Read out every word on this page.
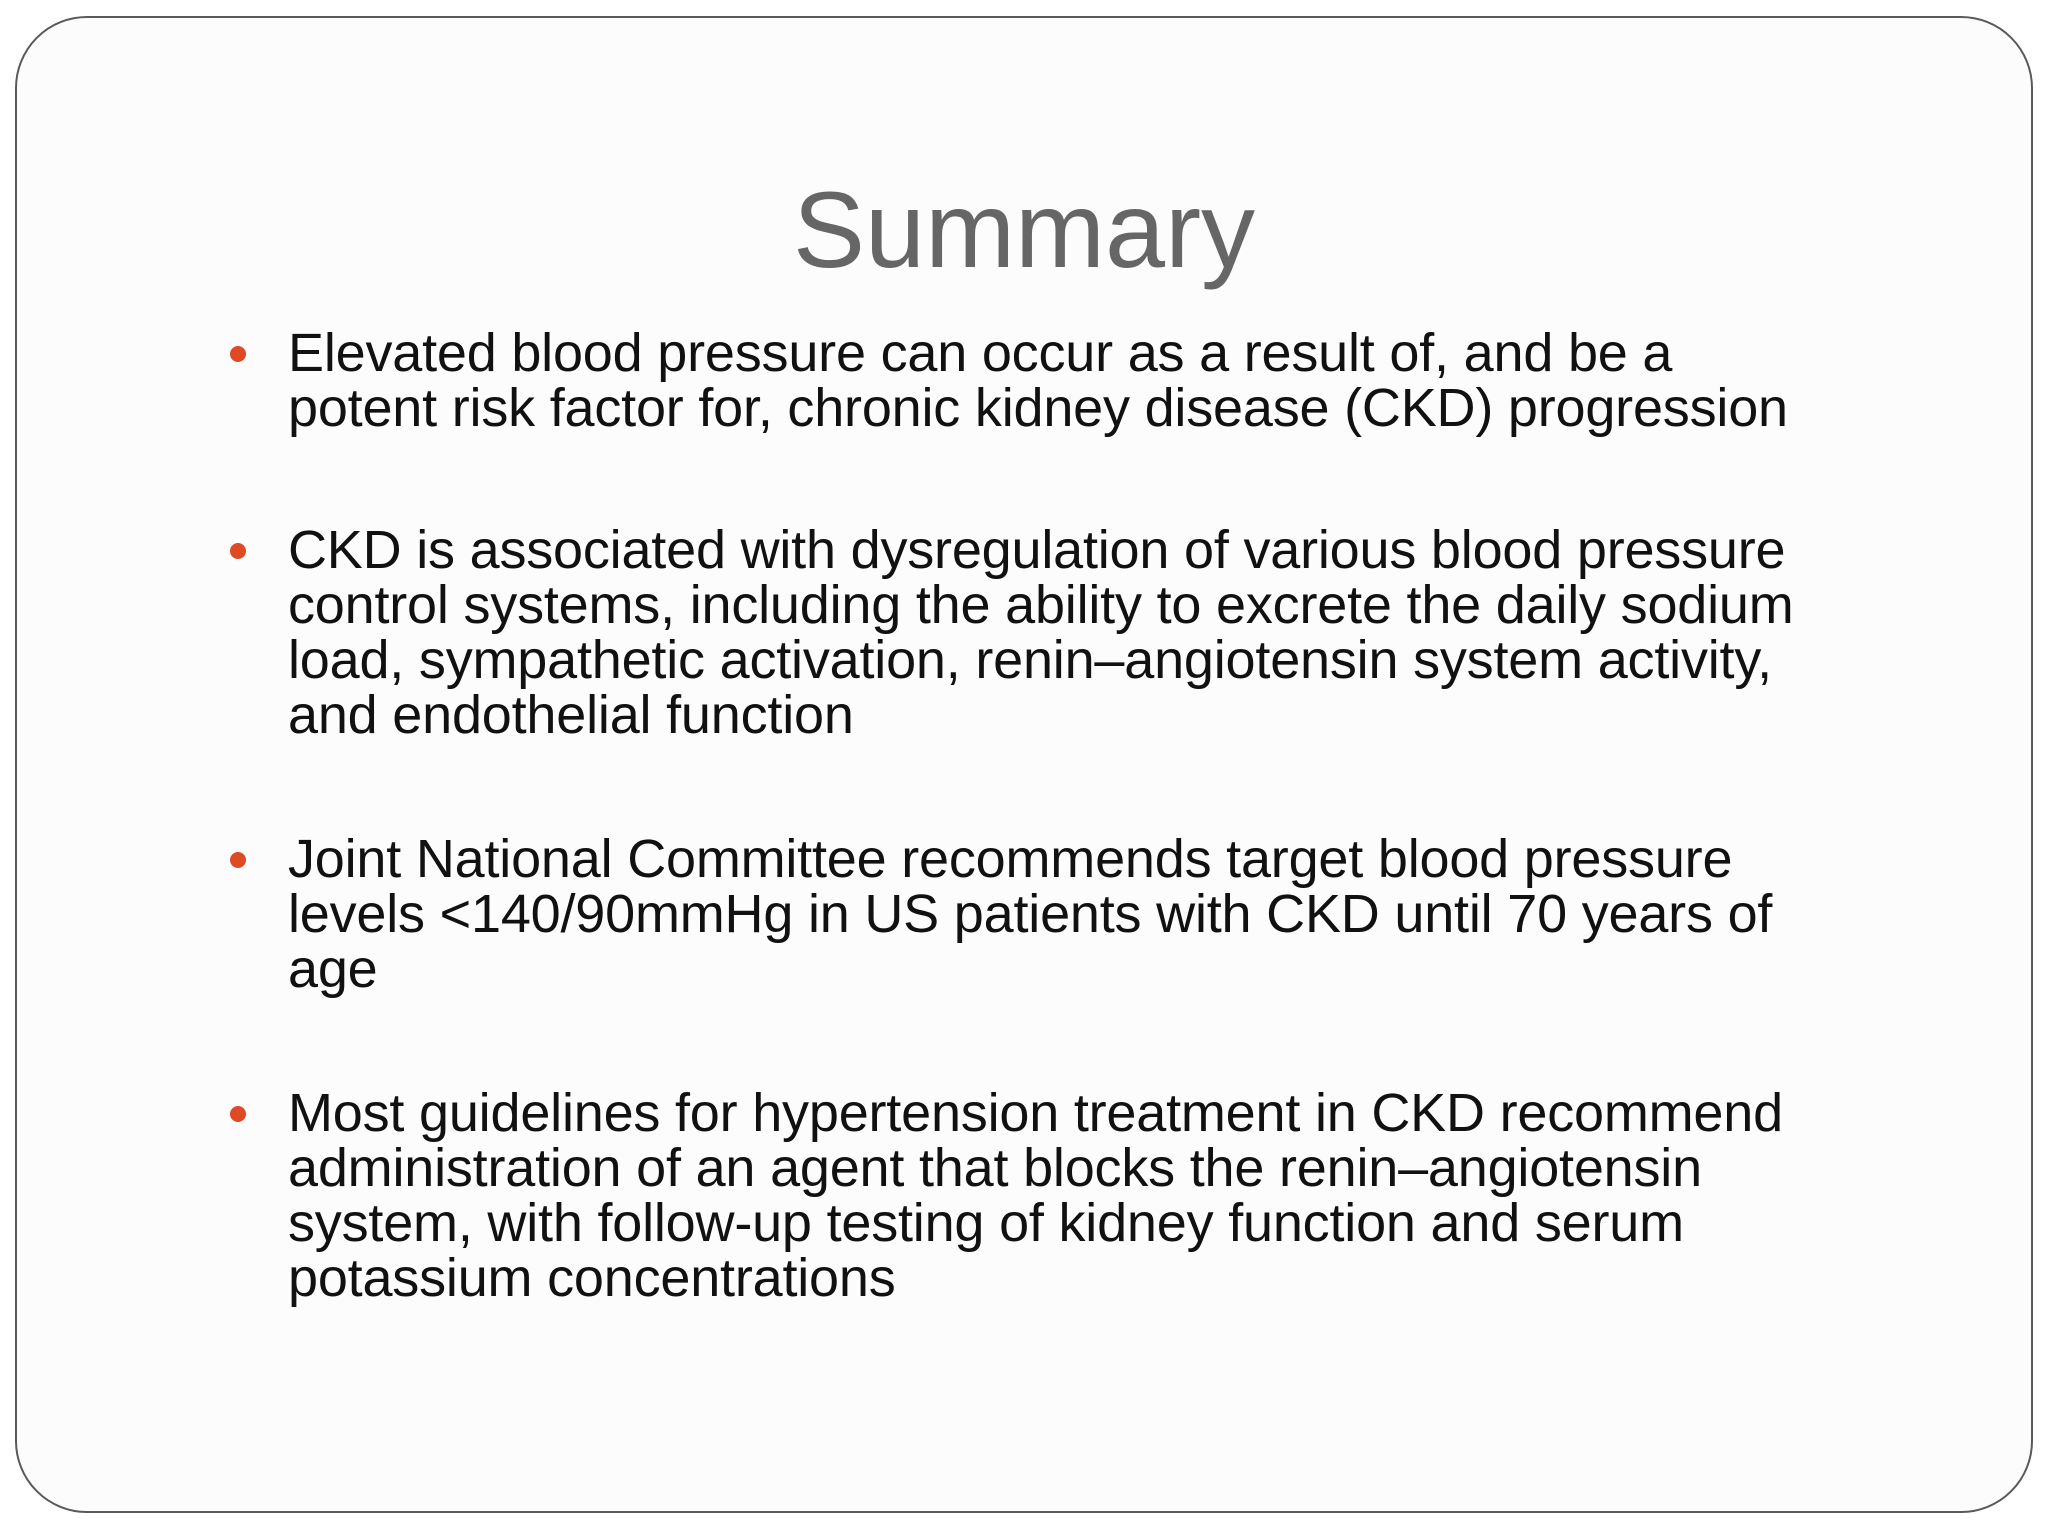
Summary
Elevated blood pressure can occur as a result of, and be a
potent risk factor for, chronic kidney disease (CKD) progression
CKD is associated with dysregulation of various blood pressure
control systems, including the ability to excrete the daily sodium
load, sympathetic activation, renin–angiotensin system activity,
and endothelial function
Joint National Committee recommends target blood pressure
levels <140/90mmHg in US patients with CKD until 70 years of
age
Most guidelines for hypertension treatment in CKD recommend
administration of an agent that blocks the renin–angiotensin
system, with follow-up testing of kidney function and serum
potassium concentrations
